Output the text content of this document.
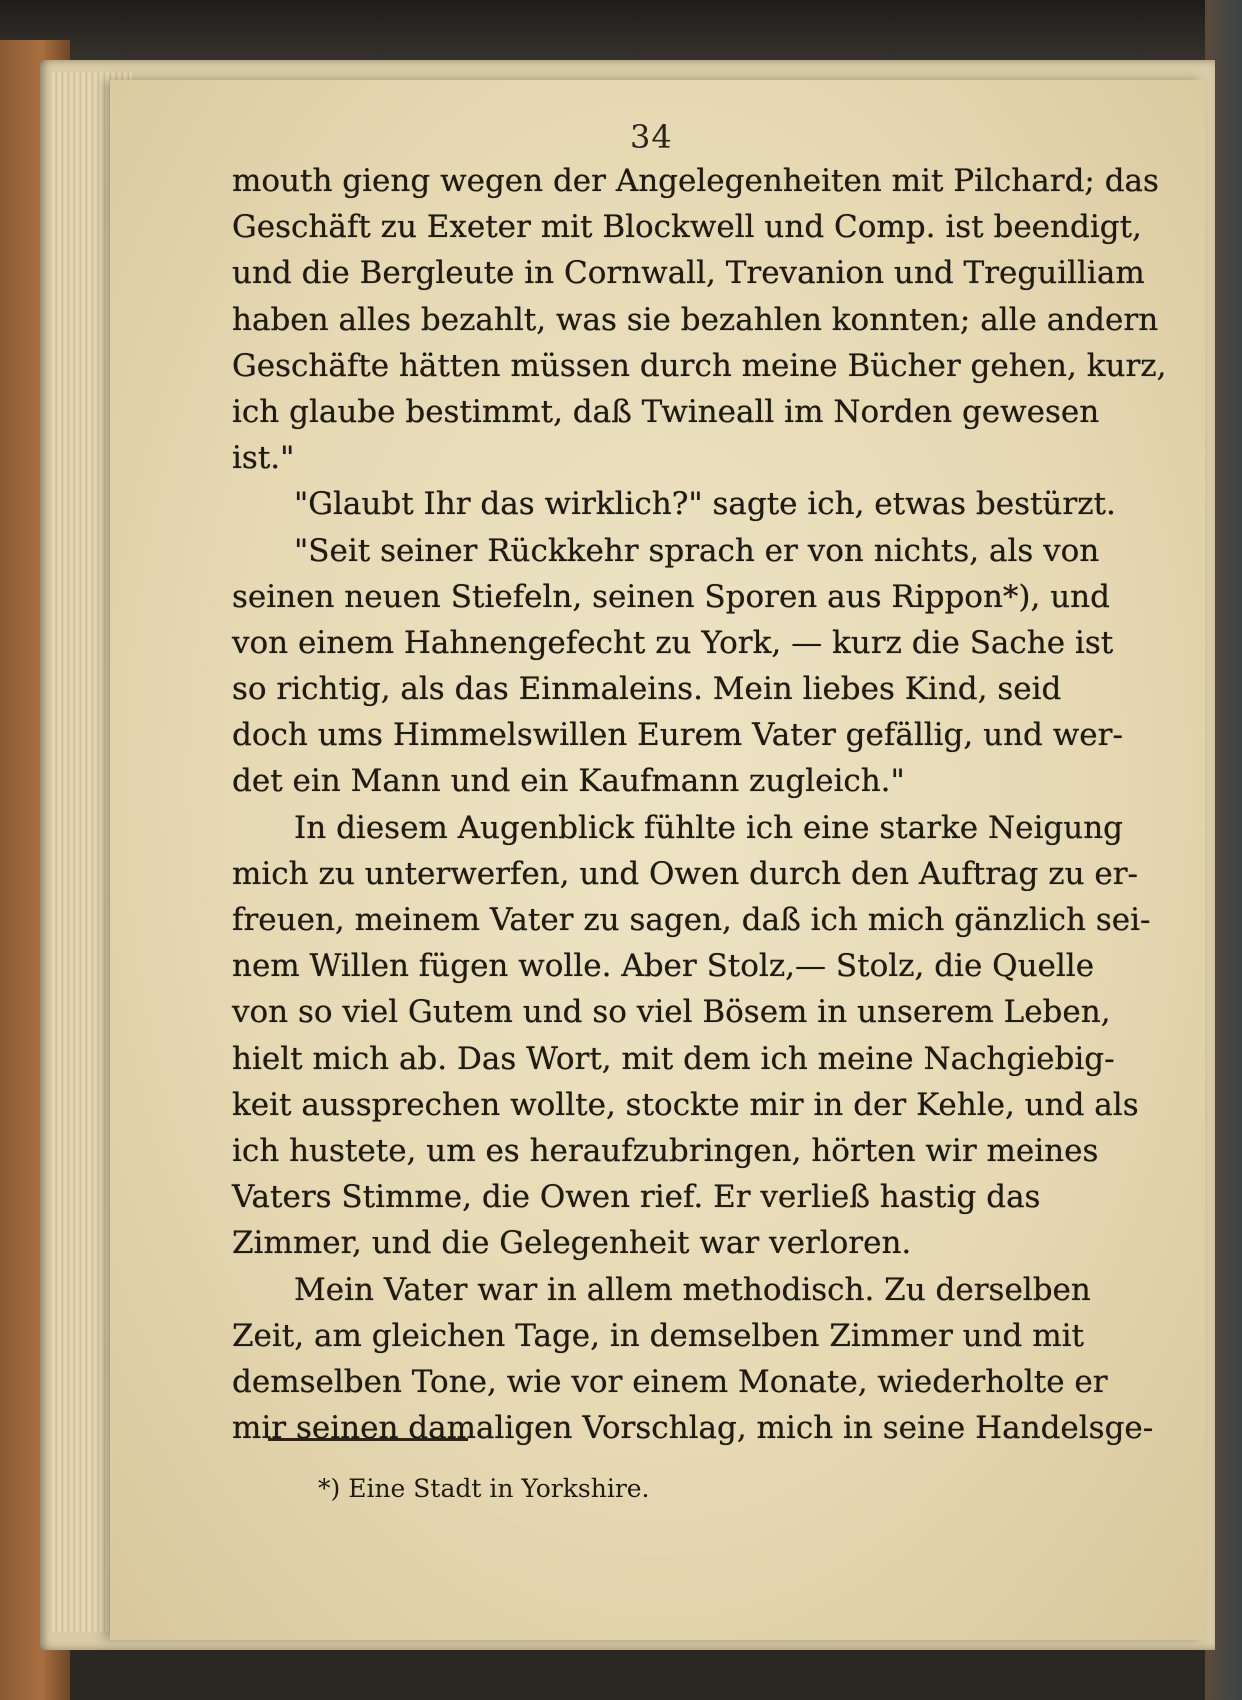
34
mouth gieng wegen der Angelegenheiten mit Pilchard; das
Geschäft zu Exeter mit Blockwell und Comp. ist beendigt,
und die Bergleute in Cornwall, Trevanion und Treguilliam
haben alles bezahlt, was sie bezahlen konnten; alle andern
Geschäfte hätten müssen durch meine Bücher gehen, kurz,
ich glaube bestimmt, daß Twineall im Norden gewesen
ist."
"Glaubt Ihr das wirklich?" sagte ich, etwas bestürzt.
"Seit seiner Rückkehr sprach er von nichts, als von
seinen neuen Stiefeln, seinen Sporen aus Rippon*), und
von einem Hahnengefecht zu York, — kurz die Sache ist
so richtig, als das Einmaleins. Mein liebes Kind, seid
doch ums Himmelswillen Eurem Vater gefällig, und wer-
det ein Mann und ein Kaufmann zugleich."
In diesem Augenblick fühlte ich eine starke Neigung
mich zu unterwerfen, und Owen durch den Auftrag zu er-
freuen, meinem Vater zu sagen, daß ich mich gänzlich sei-
nem Willen fügen wolle. Aber Stolz,— Stolz, die Quelle
von so viel Gutem und so viel Bösem in unserem Leben,
hielt mich ab. Das Wort, mit dem ich meine Nachgiebig-
keit aussprechen wollte, stockte mir in der Kehle, und als
ich hustete, um es heraufzubringen, hörten wir meines
Vaters Stimme, die Owen rief. Er verließ hastig das
Zimmer, und die Gelegenheit war verloren.
Mein Vater war in allem methodisch. Zu derselben
Zeit, am gleichen Tage, in demselben Zimmer und mit
demselben Tone, wie vor einem Monate, wiederholte er
mir seinen damaligen Vorschlag, mich in seine Handelsge-
*) Eine Stadt in Yorkshire.
